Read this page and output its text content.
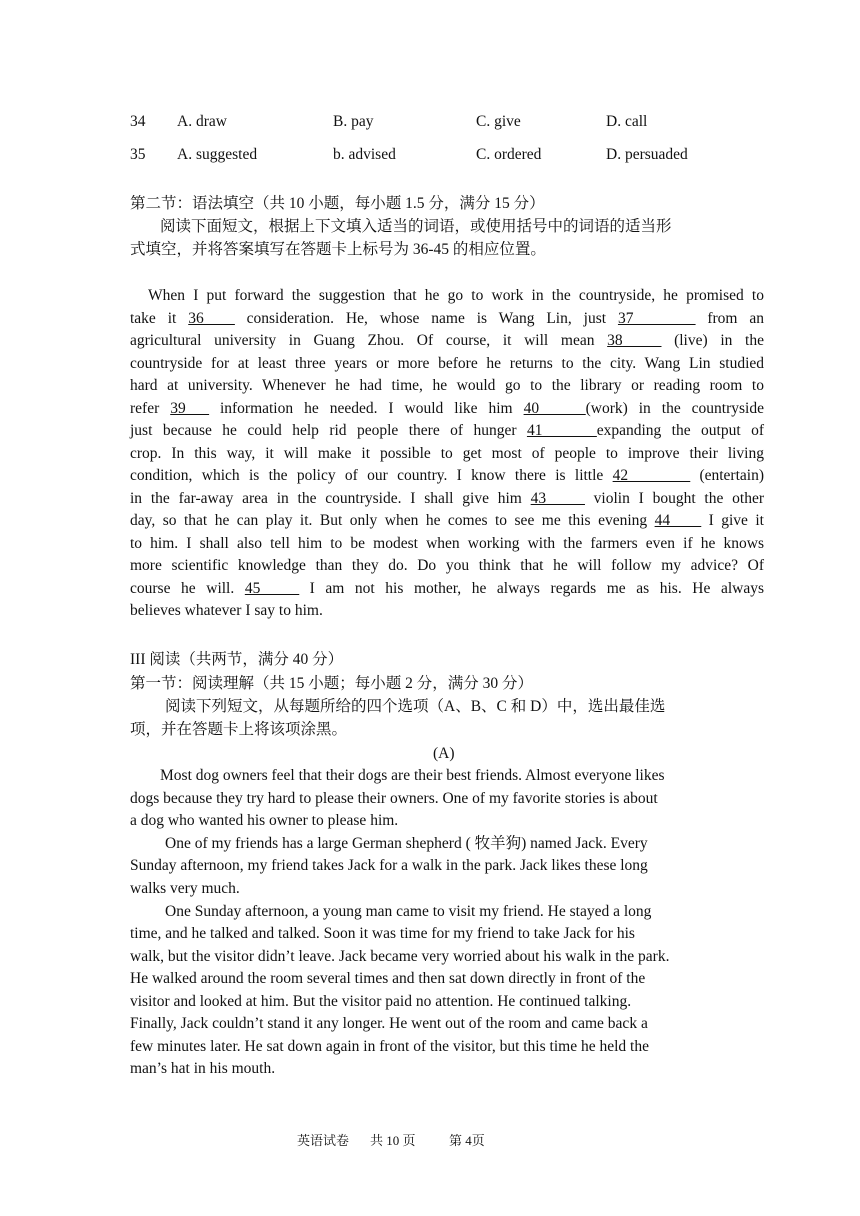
34 A. draw	B. pay	C. give	D. call
35 A. suggested	b. advised	C. ordered	D. persuaded
第二节：语法填空（共 10 小题，每小题 1.5 分，满分 15 分）
阅读下面短文，根据上下文填入适当的词语，或使用括号中的词语的适当形
式填空，并将答案填写在答题卡上标号为 36-45 的相应位置。
When I put forward the suggestion that he go to work in the countryside, he promised to
take it 36____ consideration. He, whose name is Wang Lin, just 37________ from an
agricultural university in Guang Zhou. Of course, it will mean 38_____ (live) in the
countryside for at least three years or more before he returns to the city. Wang Lin studied
hard at university. Whenever he had time, he would go to the library or reading room to
refer 39___ information he needed. I would like him 40______(work) in the countryside
just because he could help rid people there of hunger 41_______expanding the output of
crop. In this way, it will make it possible to get most of people to improve their living
condition, which is the policy of our country. I know there is little 42________ (entertain)
in the far-away area in the countryside. I shall give him 43_____ violin I bought the other
day, so that he can play it. But only when he comes to see me this evening 44____ I give it
to him. I shall also tell him to be modest when working with the farmers even if he knows
more scientific knowledge than they do. Do you think that he will follow my advice? Of
course he will. 45_____ I am not his mother, he always regards me as his. He always
believes whatever I say to him.
III 阅读（共两节，满分 40 分）
第一节：阅读理解（共 15 小题；每小题 2 分，满分 30 分）
阅读下列短文，从每题所给的四个选项（A、B、C 和 D）中，选出最佳选
项，并在答题卡上将该项涂黑。
(A)
Most dog owners feel that their dogs are their best friends. Almost everyone likes
dogs because they try hard to please their owners. One of my favorite stories is about
a dog who wanted his owner to please him.
One of my friends has a large German shepherd ( 牧羊狗) named Jack. Every
Sunday afternoon, my friend takes Jack for a walk in the park. Jack likes these long
walks very much.
One Sunday afternoon, a young man came to visit my friend. He stayed a long
time, and he talked and talked. Soon it was time for my friend to take Jack for his
walk, but the visitor didn’t leave. Jack became very worried about his walk in the park.
He walked around the room several times and then sat down directly in front of the
visitor and looked at him. But the visitor paid no attention. He continued talking.
Finally, Jack couldn’t stand it any longer. He went out of the room and came back a
few minutes later. He sat down again in front of the visitor, but this time he held the
man’s hat in his mouth.
英语试卷 共 10 页	第 4页
